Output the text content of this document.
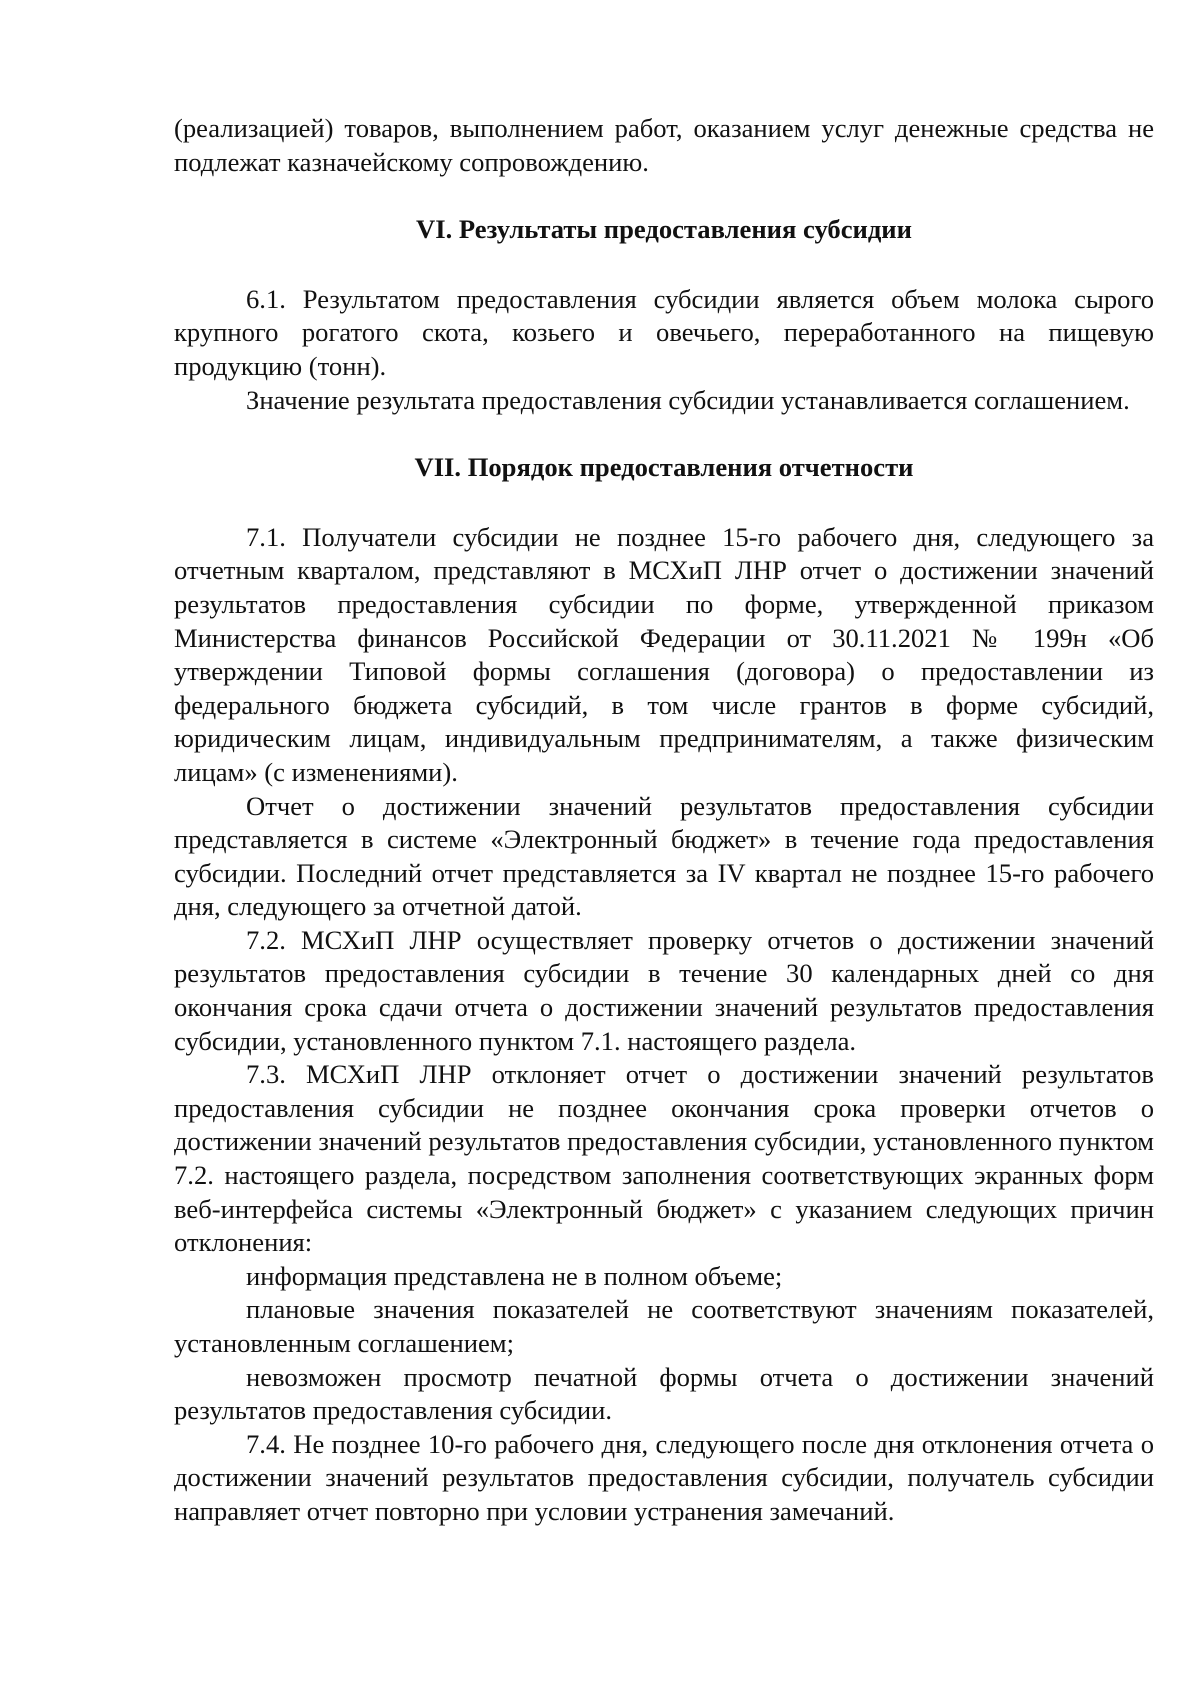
(реализацией) товаров, выполнением работ, оказанием услуг денежные средства не подлежат казначейскому сопровождению.

VI. Результаты предоставления субсидии

6.1. Результатом предоставления субсидии является объем молока сырого крупного рогатого скота, козьего и овечьего, переработанного на пищевую продукцию (тонн).

Значение результата предоставления субсидии устанавливается соглашением.

VII. Порядок предоставления отчетности

7.1. Получатели субсидии не позднее 15-го рабочего дня, следующего за отчетным кварталом, представляют в МСХиП ЛНР отчет о достижении значений результатов предоставления субсидии по форме, утвержденной приказом Министерства финансов Российской Федерации от 30.11.2021 № 199н «Об утверждении Типовой формы соглашения (договора) о предоставлении из федерального бюджета субсидий, в том числе грантов в форме субсидий, юридическим лицам, индивидуальным предпринимателям, а также физическим лицам» (с изменениями).

Отчет о достижении значений результатов предоставления субсидии представляется в системе «Электронный бюджет» в течение года предоставления субсидии. Последний отчет представляется за IV квартал не позднее 15-го рабочего дня, следующего за отчетной датой.

7.2. МСХиП ЛНР осуществляет проверку отчетов о достижении значений результатов предоставления субсидии в течение 30 календарных дней со дня окончания срока сдачи отчета о достижении значений результатов предоставления субсидии, установленного пунктом 7.1. настоящего раздела.

7.3. МСХиП ЛНР отклоняет отчет о достижении значений результатов предоставления субсидии не позднее окончания срока проверки отчетов о достижении значений результатов предоставления субсидии, установленного пунктом 7.2. настоящего раздела, посредством заполнения соответствующих экранных форм веб-интерфейса системы «Электронный бюджет» с указанием следующих причин отклонения:

информация представлена не в полном объеме;

плановые значения показателей не соответствуют значениям показателей, установленным соглашением;

невозможен просмотр печатной формы отчета о достижении значений результатов предоставления субсидии.

7.4. Не позднее 10-го рабочего дня, следующего после дня отклонения отчета о достижении значений результатов предоставления субсидии, получатель субсидии направляет отчет повторно при условии устранения замечаний.
